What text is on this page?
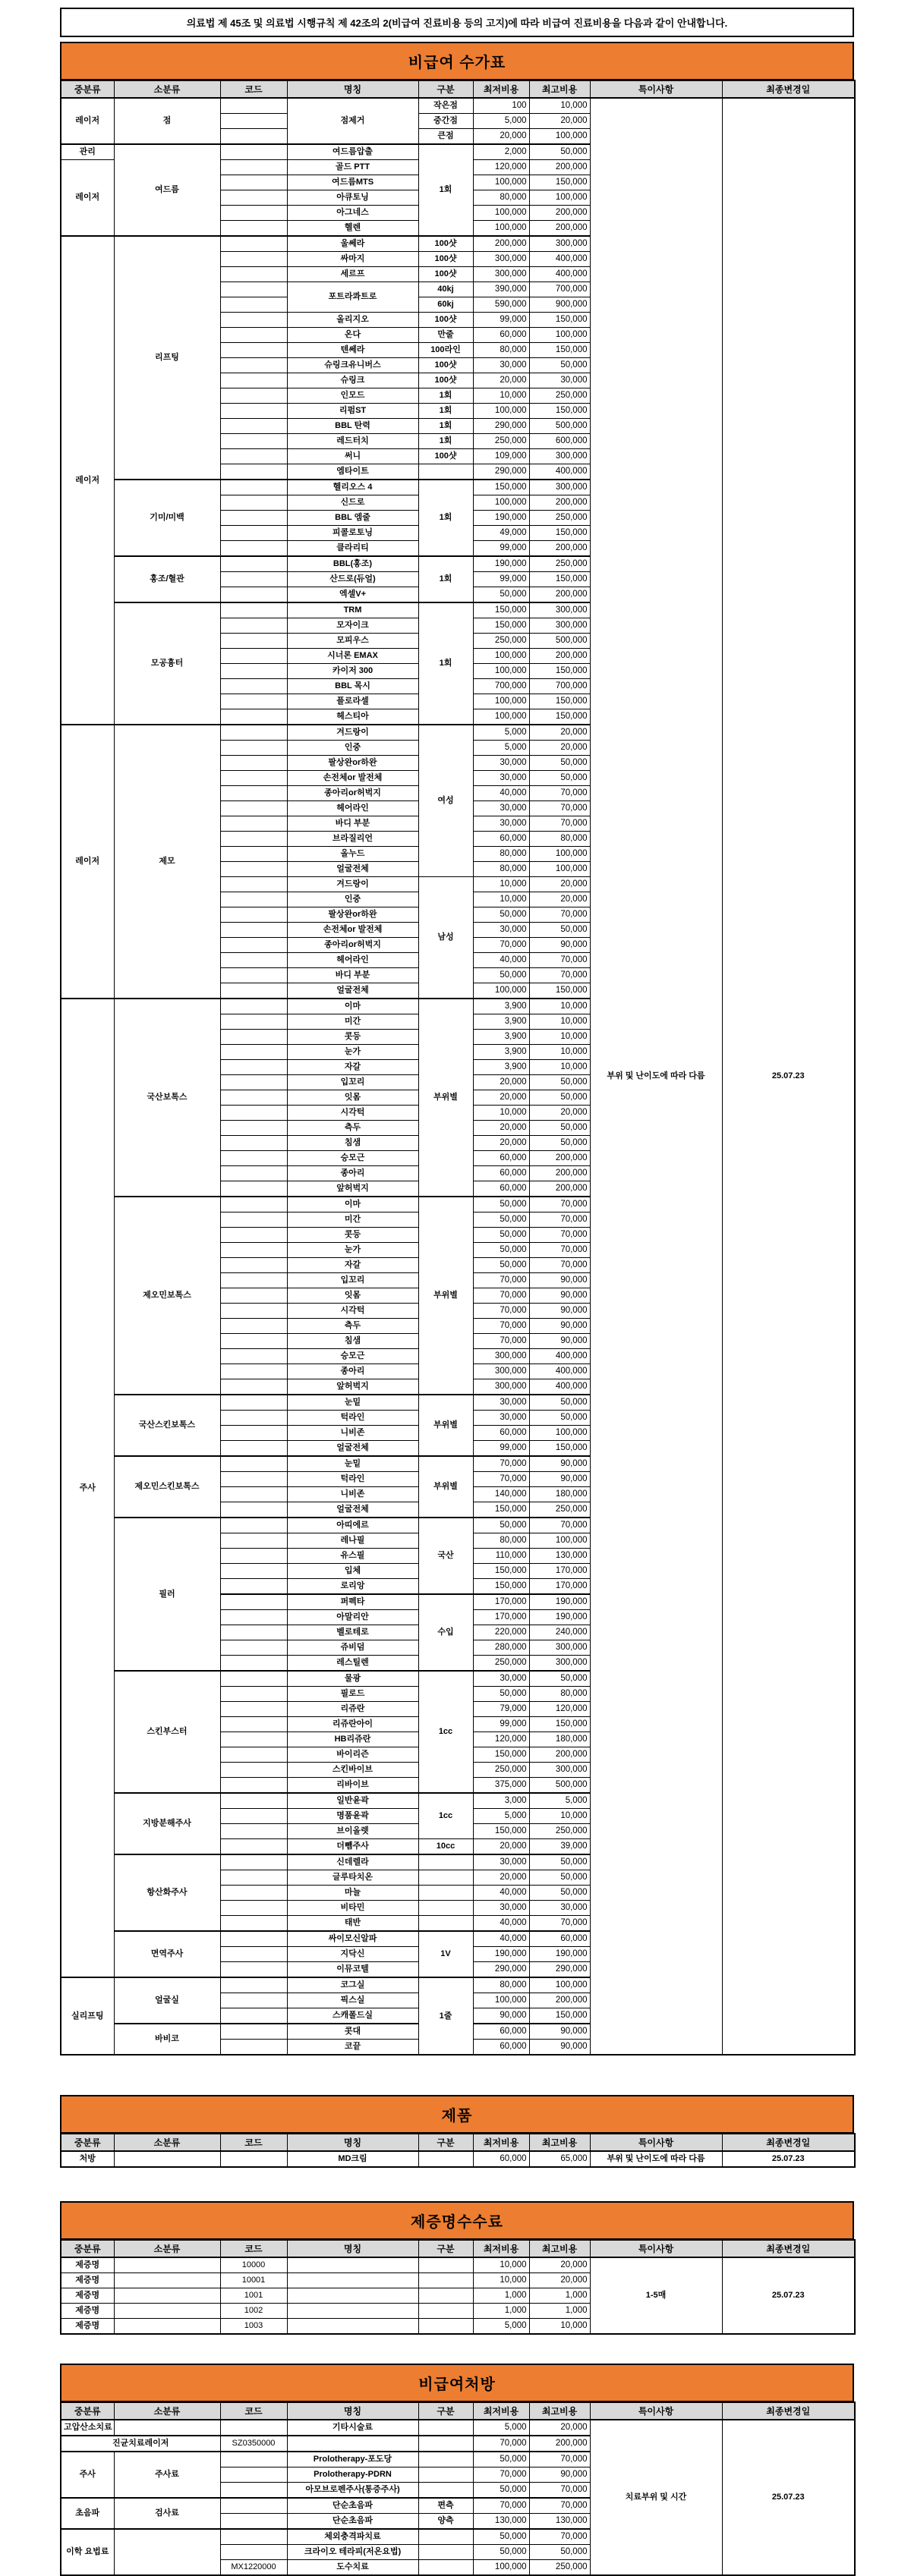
의료법 제 45조 및 의료법 시행규칙 제 42조의 2(비급여 진료비용 등의 고지)에 따라 비급여 진료비용을 다음과 같이 안내합니다.
비급여 수가표
중분류	소분류	코드	명칭	구분	최저비용	최고비용	특이사항	최종변경일
레이저	점		점제거	작은점	100	10,000	부위 및 난이도에 따라 다름	25.07.23
				중간점	5,000	20,000		
				큰점	20,000	100,000		
관리	여드름		여드름압출	1회	2,000	50,000		
레이저			골드 PTT		120,000	200,000		
			여드름MTS		100,000	150,000		
			아큐토닝		80,000	100,000		
			아그네스		100,000	200,000		
			헬렌		100,000	200,000		
레이저	리프팅		울쎄라	100샷	200,000	300,000		
			싸마지	100샷	300,000	400,000		
			세르프	100샷	300,000	400,000		
			포트라콰트로	40kj	390,000	700,000		
				60kj	590,000	900,000		
			올리지오	100샷	99,000	150,000		
			온다	만줄	60,000	100,000		
			텐쎄라	100라인	80,000	150,000		
			슈링크유니버스	100샷	30,000	50,000		
			슈링크	100샷	20,000	30,000		
			인모드	1회	10,000	250,000		
			리펌ST	1회	100,000	150,000		
			BBL 탄력	1회	290,000	500,000		
			레드터치	1회	250,000	600,000		
			써니	100샷	109,000	300,000		
			엠타이트		290,000	400,000		
	기미/미백		헬리오스 4	1회	150,000	300,000		
			신드로		100,000	200,000		
			BBL 엠줄		190,000	250,000		
			피콜로토닝		49,000	150,000		
			클라리티		99,000	200,000		
	홍조/혈관		BBL(홍조)	1회	190,000	250,000		
			산드로(듀얼)		99,000	150,000		
			엑셀V+		50,000	200,000		
	모공흉터		TRM	1회	150,000	300,000		
			모자이크		150,000	300,000		
			모피우스		250,000	500,000		
			시너론 EMAX		100,000	200,000		
			카이저 300		100,000	150,000		
			BBL 목시		700,000	700,000		
			플로라셀		100,000	150,000		
			헤스티아		100,000	150,000		
레이저	제모		겨드랑이	여성	5,000	20,000		
			인중		5,000	20,000		
			팔상완or하완		30,000	50,000		
			손전체or 발전체		30,000	50,000		
			종아리or허벅지		40,000	70,000		
			헤어라인		30,000	70,000		
			바디 부분		30,000	70,000		
			브라질리언		60,000	80,000		
			올누드		80,000	100,000		
			얼굴전체		80,000	100,000		
			겨드랑이	남성	10,000	20,000		
			인중		10,000	20,000		
			팔상완or하완		50,000	70,000		
			손전체or 발전체		30,000	50,000		
			종아리or허벅지		70,000	90,000		
			헤어라인		40,000	70,000		
			바디 부분		50,000	70,000		
			얼굴전체		100,000	150,000		
주사	국산보톡스		이마	부위별	3,900	10,000		
			미간		3,900	10,000		
			콧등		3,900	10,000		
			눈가		3,900	10,000		
			자갈		3,900	10,000		
			입꼬리		20,000	50,000		
			잇몸		20,000	50,000		
			시각턱		10,000	20,000		
			측두		20,000	50,000		
			침샘		20,000	50,000		
			승모근		60,000	200,000		
			종아리		60,000	200,000		
			앞허벅지		60,000	200,000		
	제오민보톡스		이마	부위별	50,000	70,000		
			미간		50,000	70,000		
			콧등		50,000	70,000		
			눈가		50,000	70,000		
			자갈		50,000	70,000		
			입꼬리		70,000	90,000		
			잇몸		70,000	90,000		
			시각턱		70,000	90,000		
			측두		70,000	90,000		
			침샘		70,000	90,000		
			승모근		300,000	400,000		
			종아리		300,000	400,000		
			앞허벅지		300,000	400,000		
	국산스킨보톡스		눈밑	부위별	30,000	50,000		
			턱라인		30,000	50,000		
			니비존		60,000	100,000		
			얼굴전체		99,000	150,000		
	제오민스킨보톡스		눈밑	부위별	70,000	90,000		
			턱라인		70,000	90,000		
			니비존		140,000	180,000		
			얼굴전체		150,000	250,000		
	필러		아띠에르	국산	50,000	70,000		
			레나필		80,000	100,000		
			유스필		110,000	130,000		
			입체		150,000	170,000		
			로리앙		150,000	170,000		
			퍼펙타	수입	170,000	190,000		
			아말리안		170,000	190,000		
			벨로테로		220,000	240,000		
			쥬비덤		280,000	300,000		
			레스틸렌		250,000	300,000		
	스킨부스터		물광	1cc	30,000	50,000		
			필로드		50,000	80,000		
			리쥬란		79,000	120,000		
			리쥬란아이		99,000	150,000		
			HB리쥬란		120,000	180,000		
			바이리즌		150,000	200,000		
			스킨바이브		250,000	300,000		
			리바이브		375,000	500,000		
	지방분해주사		일반윤곽	1cc	3,000	5,000		
			명품윤곽		5,000	10,000		
			브이올렛		150,000	250,000		
			더뺌주사	10cc	20,000	39,000		
	항산화주사		신데렐라		30,000	50,000		
			글루타치온		20,000	50,000		
			마늘		40,000	50,000		
			비타민		30,000	30,000		
			태반		40,000	70,000		
	면역주사		싸이모신알파	1V	40,000	60,000		
			지닥신		190,000	190,000		
			이뮤코텔		290,000	290,000		
실리프팅	얼굴실		코그실	1줄	80,000	100,000		
			픽스실		100,000	200,000		
			스캐폴드실		90,000	150,000		
	바비코		콧대		60,000	90,000		
			코끝		60,000	90,000		
제품
중분류	소분류	코드	명칭	구분	최저비용	최고비용	특이사항	최종변경일
처방			MD크림		60,000	65,000	부위 및 난이도에 따라 다름	25.07.23
제증명수수료
중분류	소분류	코드	명칭	구분	최저비용	최고비용	특이사항	최종변경일
제증명		10000			10,000	20,000	1-5매	25.07.23
제증명		10001			10,000	20,000		
제증명		1001			1,000	1,000		
제증명		1002			1,000	1,000		
제증명		1003			5,000	10,000		
비급여처방
중분류	소분류	코드	명칭	구분	최저비용	최고비용	특이사항	최종변경일
고압산소치료			기타시술료		5,000	20,000	치료부위 및 시간	25.07.23
진균치료레이저		SZ0350000			70,000	200,000		
주사	주사료		Prolotherapy-포도당		50,000	70,000		
			Prolotherapy-PDRN		70,000	90,000		
			아모브로펜주사(통증주사)		50,000	70,000		
초음파	검사료		단순초음파	편측	70,000	70,000		
			단순초음파	양측	130,000	130,000		
이학 요법료			체외충격파치료		50,000	70,000		
			크라이오 테라피(저온요법)		50,000	50,000		
		MX1220000	도수치료		100,000	250,000		
